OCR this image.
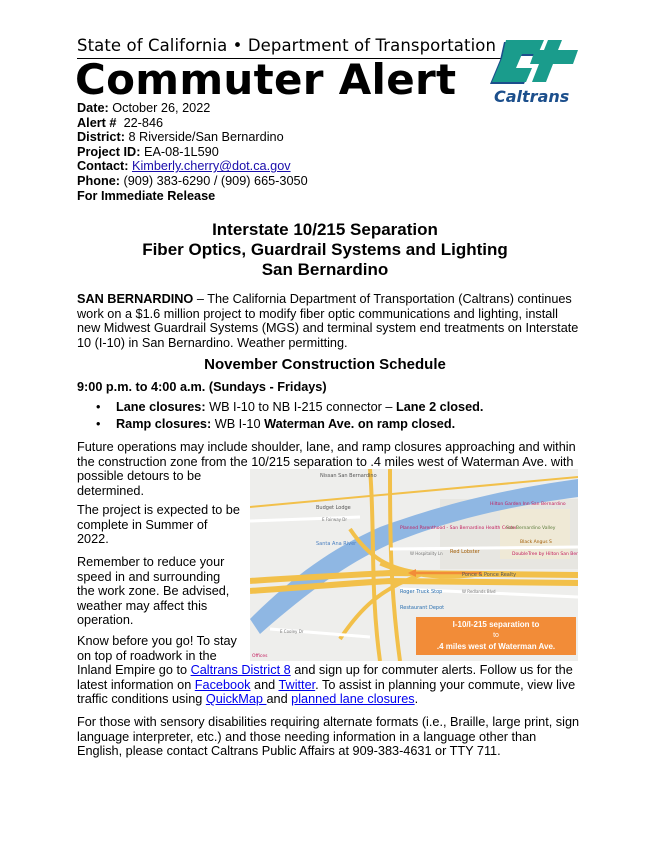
State of California • Department of Transportation
Commuter Alert Caltrans
Date: October 26, 2022
Alert # 22-846
District: 8 Riverside/San Bernardino
Project ID: EA-08-1L590
Contact: Kimberly.cherry@dot.ca.gov
Phone: (909) 383-6290 / (909) 665-3050
For Immediate Release
Interstate 10/215 Separation
Fiber Optics, Guardrail Systems and Lighting
San Bernardino
SAN BERNARDINO – The California Department of Transportation (Caltrans) continues work on a $1.6 million project to modify fiber optic communications and lighting, install new Midwest Guardrail Systems (MGS) and terminal system end treatments on Interstate 10 (I-10) in San Bernardino. Weather permitting.
November Construction Schedule
9:00 p.m. to 4:00 a.m. (Sundays - Fridays)
• Lane closures: WB I-10 to NB I-215 connector – Lane 2 closed.
• Ramp closures: WB I-10 Waterman Ave. on ramp closed.
Future operations may include shoulder, lane, and ramp closures approaching and within
the construction zone from the 10/215 separation to .4 miles west of Waterman Ave. with
possible detours to be
determined.
The project is expected to be
complete in Summer of
2022.
Remember to reduce your
speed in and surrounding
the work zone. Be advised,
weather may affect this
operation.
Know before you go! To stay
on top of roadwork in the
Nissan San Bernardino
Budget Lodge
E Fairway Dr
Santa Ana River
Planned Parenthood - San Bernardino Health Center
Hilton Garden Inn San Bernardino
San Bernardino Valley
Black Angus S
DoubleTree by Hilton San Ber
Red Lobster
W Hospitality Ln
Ponce & Ponce Realty
W Redlands Blvd
Roger Truck Stop
Restaurant Depot
E Cooley Dr
Offices
I-10/I-215 separation to
to
.4 miles west of Waterman Ave.
Inland Empire go to Caltrans District 8 and sign up for commuter alerts. Follow us for the
latest information on Facebook and Twitter. To assist in planning your commute, view live
traffic conditions using QuickMap and planned lane closures.
For those with sensory disabilities requiring alternate formats (i.e., Braille, large print, sign
language interpreter, etc.) and those needing information in a language other than
English, please contact Caltrans Public Affairs at 909-383-4631 or TTY 711.
